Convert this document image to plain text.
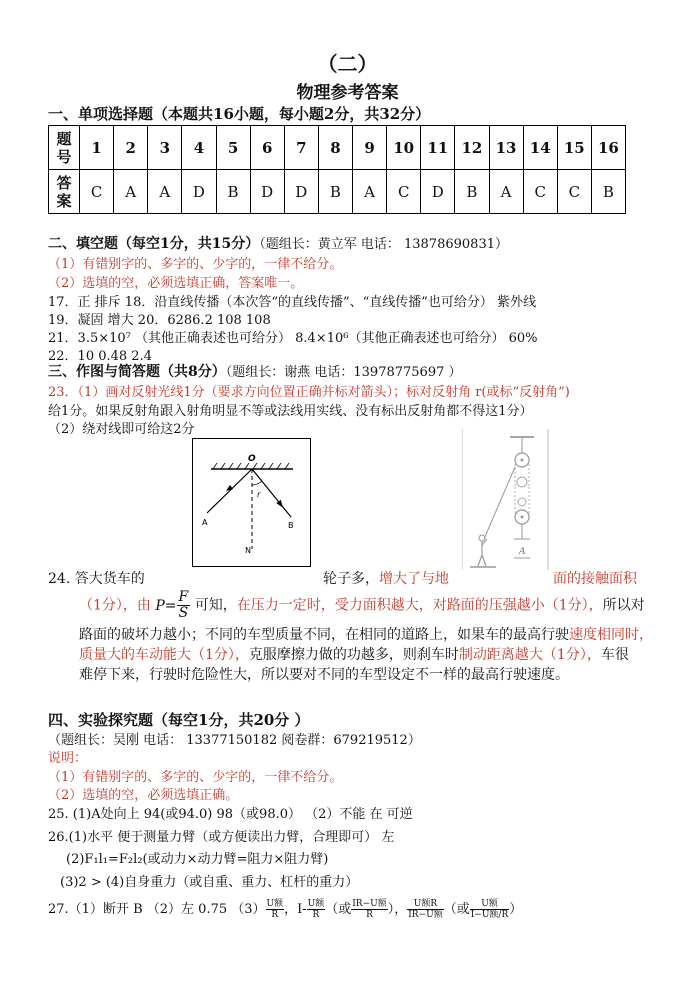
（二）
物理参考答案
一、单项选择题（本题共16小题，每小题2分，共32分）
题
号	1	2	3	4	5	6	7	8	9	10	11	12	13	14	15	16

答
案	C	A	A	D	B	D	D	B	A	C	D	B	A	C	C	B
二、填空题（每空1分，共15分）（题组长：黄立军 电话： 13878690831）
（1）有错别字的、多字的、少字的，一律不给分。
（2）选填的空，必须选填正确，答案唯一。
17．正 排斥 18．沿直线传播（本次答“的直线传播”、“直线传播”也可给分） 紫外线
19．凝固 增大 20．6286.2 108 108
21．3.5×10⁷ （其他正确表述也可给分） 8.4×10⁶（其他正确表述也可给分） 60%
22．10 0.48 2.4
三、作图与简答题（共8分）（题组长：谢燕 电话：13978775697 ）
23．（1）画对反射光线1分（要求方向位置正确并标对箭头）；标对反射角 r(或标“反射角”)
给1分。如果反射角跟入射角明显不等或法线用实线、没有标出反射角都不得这1分）
（2）绕对线即可给这2分
O
A	B
N
r
A
24. 答大货车的	轮子多，增大了与地	面的接触面积
（1分），由 $P= \frac{F}{S}$ 可知，在压力一定时，受力面积越大，对路面的压强越小（1分），所以对
路面的破坏力越小；不同的车型质量不同，在相同的道路上，如果车的最高行驶速度相同时，
质量大的车动能大（1分），克服摩擦力做的功越多，则刹车时制动距离越大（1分），车很
难停下来，行驶时危险性大，所以要对不同的车型设定不一样的最高行驶速度。
四、实验探究题（每空1分，共20分 ）
（题组长：吴刚 电话： 13377150182 阅卷群：679219512）
说明：
（1）有错别字的、多字的、少字的，一律不给分。
（2）选填的空，必须选填正确。
25. (1)A处向上 94(或94.0) 98（或98.0） （2）不能 在 可逆
26.(1)水平 便于测量力臂（或方便读出力臂，合理即可） 左
(2)F₁l₁=F₂l₂(或动力×动力臂=阻力×阻力臂)
(3)2 > (4)自身重力（或自重、重力、杠杆的重力）
27.（1）断开 B （2）左 0.75 $(3) \frac{\text{U额}}{R}$ ，$I- \frac{\text{U额}}{R}$ （或 $\frac{\text{IR−U额}}{R}$ ）， $\frac{\text{U额R}}{\text{IR−U额}}$ （或 $\frac{\text{U额}}{\text{I−U额/R}}$ ）
